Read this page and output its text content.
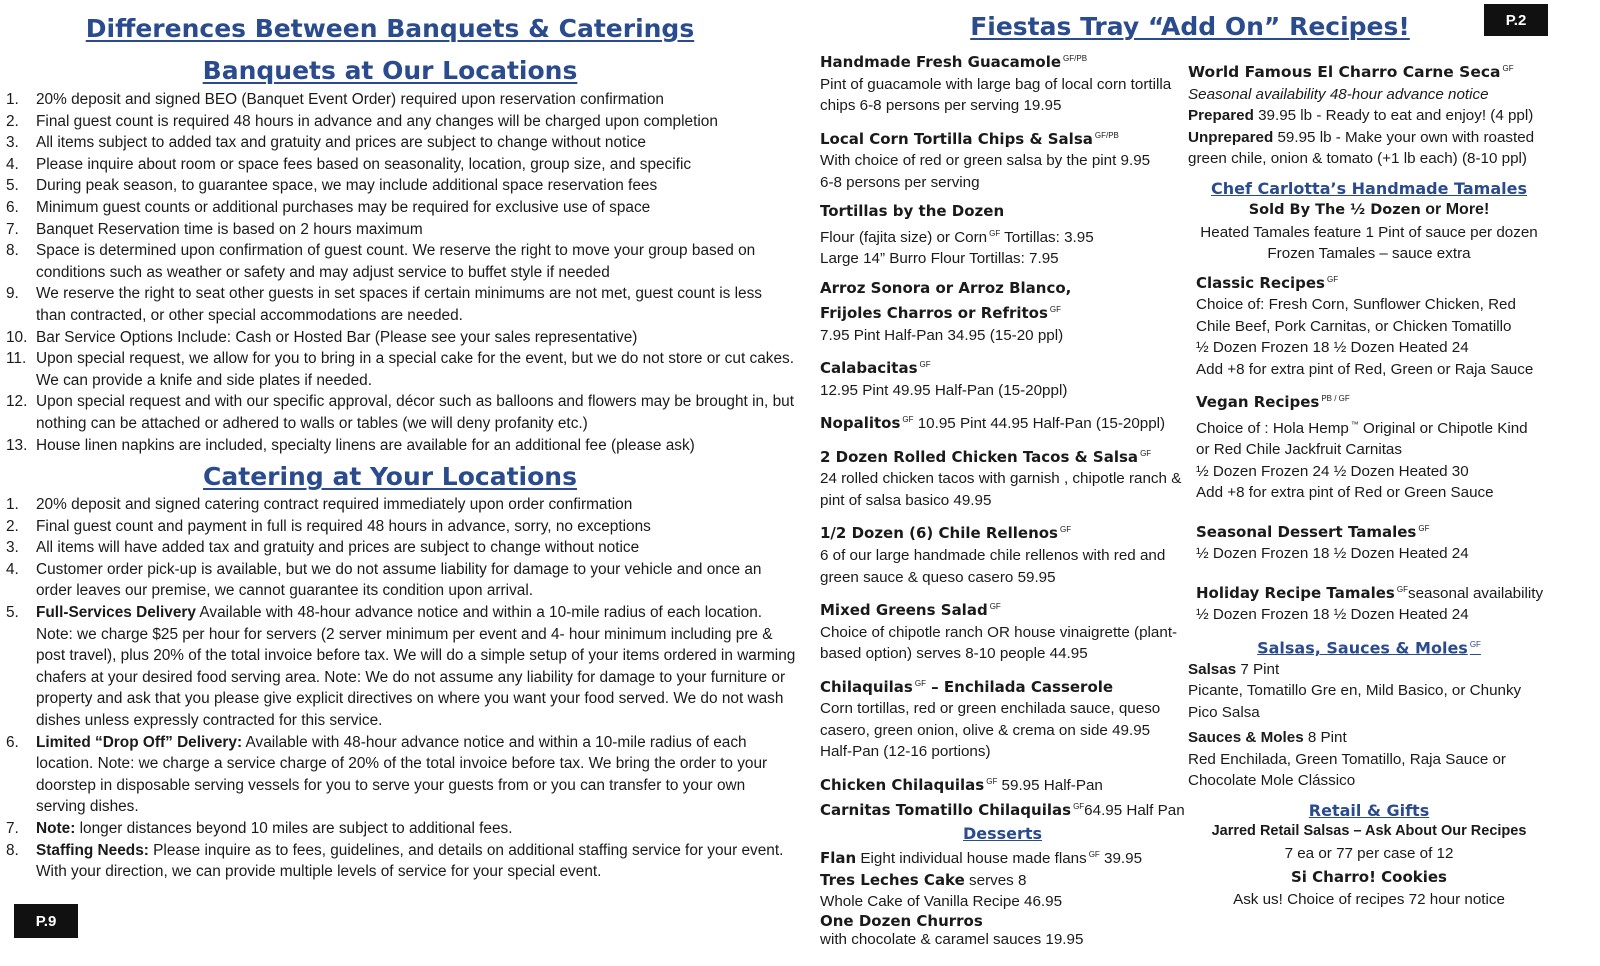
Differences Between Banquets & Caterings
Banquets at Our Locations
1.	20% deposit and signed BEO (Banquet Event Order) required upon reservation confirmation
2.	Final guest count is required 48 hours in advance and any changes will be charged upon completion
3.	All items subject to added tax and gratuity and prices are subject to change without notice
4.	Please inquire about room or space fees based on seasonality, location, group size, and specific
5.	During peak season, to guarantee space, we may include additional space reservation fees
6.	Minimum guest counts or additional purchases may be required for exclusive use of space
7.	Banquet Reservation time is based on 2 hours maximum
8.	Space is determined upon confirmation of guest count. We reserve the right to move your group based on conditions such as weather or safety and may adjust service to buffet style if needed
9.	We reserve the right to seat other guests in set spaces if certain minimums are not met, guest count is less than contracted, or other special accommodations are needed.
10. Bar Service Options Include: Cash or Hosted Bar (Please see your sales representative)
11. Upon special request, we allow for you to bring in a special cake for the event, but we do not store or cut cakes. We can provide a knife and side plates if needed.
12. Upon special request and with our specific approval, décor such as balloons and flowers may be brought in, but nothing can be attached or adhered to walls or tables (we will deny profanity etc.)
13. House linen napkins are included, specialty linens are available for an additional fee (please ask)
Catering at Your Locations
1.	20% deposit and signed catering contract required immediately upon order confirmation
2.	Final guest count and payment in full is required 48 hours in advance, sorry, no exceptions
3.	All items will have added tax and gratuity and prices are subject to change without notice
4.	Customer order pick-up is available, but we do not assume liability for damage to your vehicle and once an order leaves our premise, we cannot guarantee its condition upon arrival.
5.	Full-Services Delivery Available with 48-hour advance notice and within a 10-mile radius of each location. Note: we charge $25 per hour for servers (2 server minimum per event and 4- hour minimum including pre & post travel), plus 20% of the total invoice before tax. We will do a simple setup of your items ordered in warming chafers at your desired food serving area. Note: We do not assume any liability for damage to your furniture or property and ask that you please give explicit directives on where you want your food served. We do not wash dishes unless expressly contracted for this service.
6.	Limited “Drop Off” Delivery: Available with 48-hour advance notice and within a 10-mile radius of each location. Note: we charge a service charge of 20% of the total invoice before tax. We bring the order to your doorstep in disposable serving vessels for you to serve your guests from or you can transfer to your own serving dishes.
7.	Note: longer distances beyond 10 miles are subject to additional fees.
8.	Staffing Needs: Please inquire as to fees, guidelines, and details on additional staffing service for your event. With your direction, we can provide multiple levels of service for your special event.
P.9
Fiestas Tray “Add On” Recipes!	P.2
Handmade Fresh Guacamole $^{GF/PB}$
Pint of guacamole with large bag of local corn tortilla chips 6-8 persons per serving 19.95
Local Corn Tortilla Chips & Salsa $^{GF/PB}$
With choice of red or green salsa by the pint 9.95
6-8 persons per serving
Tortillas by the Dozen
Flour (fajita size) or Corn $^{GF}$ Tortillas: 3.95
Large 14” Burro Flour Tortillas: 7.95
Arroz Sonora or Arroz Blanco,
Frijoles Charros or Refritos $^{GF}$
7.95 Pint Half-Pan 34.95 (15-20 ppl)
Calabacitas $^{GF}$
12.95 Pint 49.95 Half-Pan (15-20ppl)
Nopalitos $^{GF}$ 10.95 Pint 44.95 Half-Pan (15-20ppl)
2 Dozen Rolled Chicken Tacos & Salsa $^{GF}$
24 rolled chicken tacos with garnish , chipotle ranch & pint of salsa basico 49.95
1/2 Dozen (6) Chile Rellenos $^{GF}$
6 of our large handmade chile rellenos with red and green sauce & queso casero 59.95
Mixed Greens Salad $^{GF}$
Choice of chipotle ranch OR house vinaigrette (plant-based option) serves 8-10 people 44.95
Chilaquilas $^{GF}$ – Enchilada Casserole
Corn tortillas, red or green enchilada sauce, queso casero, green onion, olive & crema on side 49.95
Half-Pan (12-16 portions)
Chicken Chilaquilas $^{GF}$ 59.95 Half-Pan
Carnitas Tomatillo Chilaquilas $^{GF}$64.95 Half Pan
Desserts
Flan Eight individual house made flans $^{GF}$ 39.95
Tres Leches Cake serves 8
Whole Cake of Vanilla Recipe 46.95
One Dozen Churros
with chocolate & caramel sauces 19.95
World Famous El Charro Carne Seca $^{GF}$
Seasonal availability 48-hour advance notice
Prepared 39.95 lb - Ready to eat and enjoy! (4 ppl)
Unprepared 59.95 lb - Make your own with roasted green chile, onion & tomato (+1 lb each) (8-10 ppl)
Chef Carlotta’s Handmade Tamales
Sold By The ½ Dozen or More!
Heated Tamales feature 1 Pint of sauce per dozen
Frozen Tamales – sauce extra
Classic Recipes $^{GF}$
Choice of: Fresh Corn, Sunflower Chicken, Red Chile Beef, Pork Carnitas, or Chicken Tomatillo
½ Dozen Frozen 18 ½ Dozen Heated 24
Add +8 for extra pint of Red, Green or Raja Sauce
Vegan Recipes $^{PB / GF}$
Choice of : Hola Hemp ™ Original or Chipotle Kind
or Red Chile Jackfruit Carnitas
½ Dozen Frozen 24 ½ Dozen Heated 30
Add +8 for extra pint of Red or Green Sauce
Seasonal Dessert Tamales $^{GF}$
½ Dozen Frozen 18 ½ Dozen Heated 24
Holiday Recipe Tamales $^{GF}$seasonal availability
½ Dozen Frozen 18 ½ Dozen Heated 24
Salsas, Sauces & Moles $^{GF}$
Salsas 7 Pint
Picante, Tomatillo Gre en, Mild Basico, or Chunky Pico Salsa
Sauces & Moles 8 Pint
Red Enchilada, Green Tomatillo, Raja Sauce or Chocolate Mole Clássico
Retail & Gifts
Jarred Retail Salsas – Ask About Our Recipes
7 ea or 77 per case of 12
Si Charro! Cookies
Ask us! Choice of recipes 72 hour notice
